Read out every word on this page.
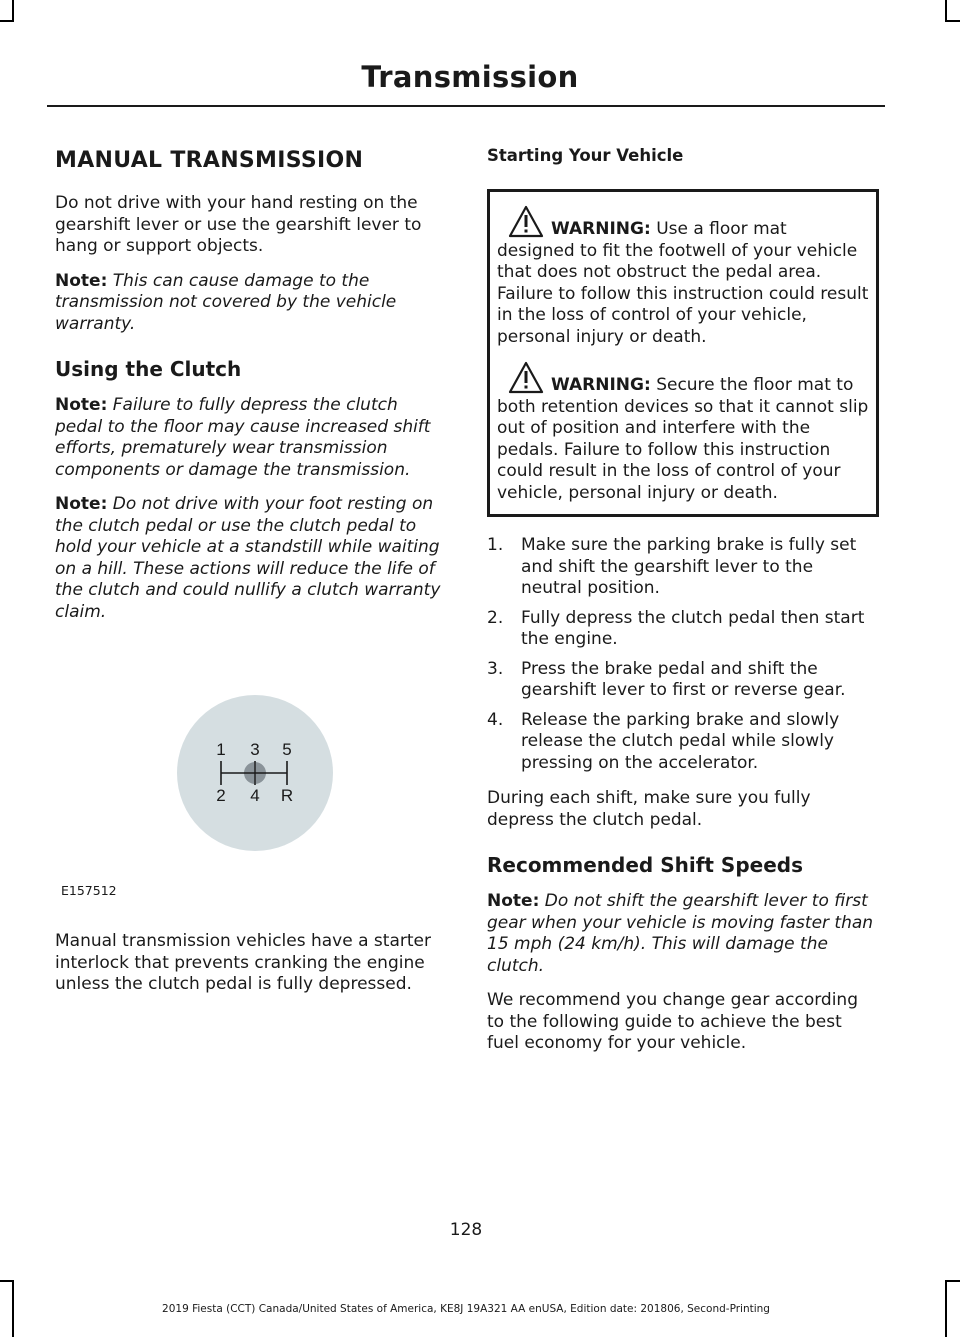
Transmission
MANUAL TRANSMISSION

Do not drive with your hand resting on the gearshift lever or use the gearshift lever to hang or support objects.

Note: This can cause damage to the transmission not covered by the vehicle warranty.

Using the Clutch

Note: Failure to fully depress the clutch pedal to the floor may cause increased shift efforts, prematurely wear transmission components or damage the transmission.

Note: Do not drive with your foot resting on the clutch pedal or use the clutch pedal to hold your vehicle at a standstill while waiting on a hill. These actions will reduce the life of the clutch and could nullify a clutch warranty claim.

1 3 5
2 4 R
E157512

Manual transmission vehicles have a starter interlock that prevents cranking the engine unless the clutch pedal is fully depressed.

Starting Your Vehicle
WARNING: Use a floor mat designed to fit the footwell of your vehicle that does not obstruct the pedal area. Failure to follow this instruction could result in the loss of control of your vehicle, personal injury or death.
WARNING: Secure the floor mat to both retention devices so that it cannot slip out of position and interfere with the pedals. Failure to follow this instruction could result in the loss of control of your vehicle, personal injury or death.
1.	Make sure the parking brake is fully set and shift the gearshift lever to the neutral position.
2.	Fully depress the clutch pedal then start the engine.
3.	Press the brake pedal and shift the gearshift lever to first or reverse gear.
4.	Release the parking brake and slowly release the clutch pedal while slowly pressing on the accelerator.

During each shift, make sure you fully depress the clutch pedal.

Recommended Shift Speeds

Note: Do not shift the gearshift lever to first gear when your vehicle is moving faster than 15 mph (24 km/h). This will damage the clutch.

We recommend you change gear according to the following guide to achieve the best fuel economy for your vehicle.

128
2019 Fiesta (CCT) Canada/United States of America, KE8J 19A321 AA enUSA, Edition date: 201806, Second-Printing
